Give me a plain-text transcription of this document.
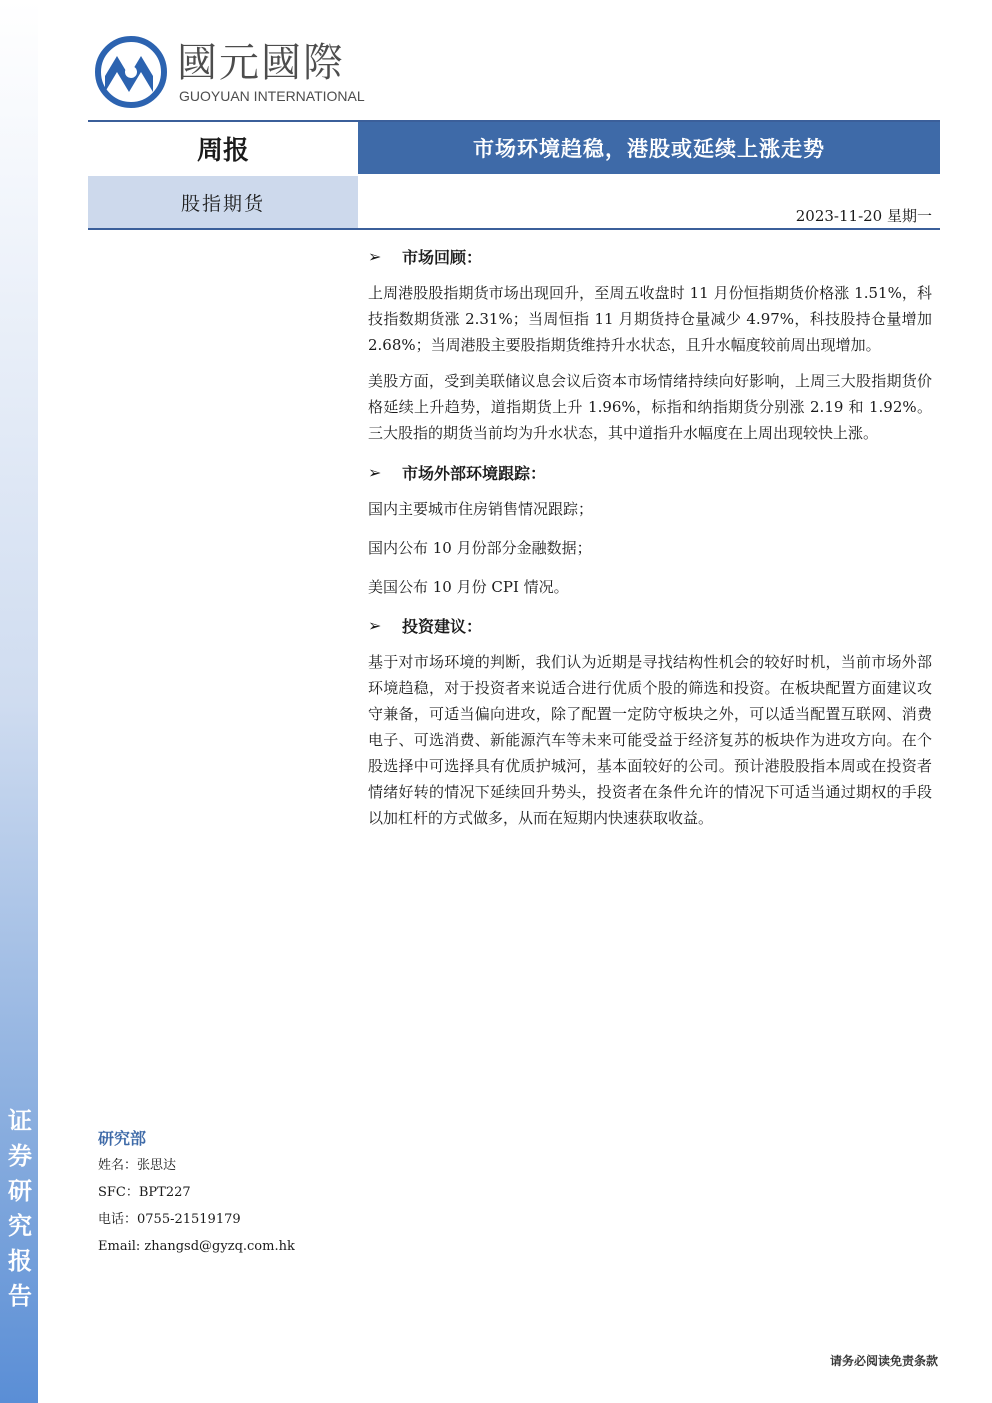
证
券
研
究
报
告
國元國際
GUOYUAN INTERNATIONAL
周报	市场环境趋稳，港股或延续上涨走势
股指期货
2023-11-20 星期一
➢	市场回顾：

上周港股股指期货市场出现回升，至周五收盘时 11 月份恒指期货价格涨 1.51%，科技指数期货涨 2.31%；当周恒指 11 月期货持仓量减少 4.97%，科技股持仓量增加 2.68%；当周港股主要股指期货维持升水状态，且升水幅度较前周出现增加。

美股方面，受到美联储议息会议后资本市场情绪持续向好影响，上周三大股指期货价格延续上升趋势，道指期货上升 1.96%，标指和纳指期货分别涨 2.19 和 1.92%。三大股指的期货当前均为升水状态，其中道指升水幅度在上周出现较快上涨。

➢	市场外部环境跟踪：
国内主要城市住房销售情况跟踪；
国内公布 10 月份部分金融数据；
美国公布 10 月份 CPI 情况。
➢	投资建议：

基于对市场环境的判断，我们认为近期是寻找结构性机会的较好时机，当前市场外部环境趋稳，对于投资者来说适合进行优质个股的筛选和投资。在板块配置方面建议攻守兼备，可适当偏向进攻，除了配置一定防守板块之外，可以适当配置互联网、消费电子、可选消费、新能源汽车等未来可能受益于经济复苏的板块作为进攻方向。在个股选择中可选择具有优质护城河，基本面较好的公司。预计港股股指本周或在投资者情绪好转的情况下延续回升势头，投资者在条件允许的情况下可适当通过期权的手段以加杠杆的方式做多，从而在短期内快速获取收益。

研究部
姓名：张思达
SFC：BPT227
电话：0755-21519179
Email: zhangsd@gyzq.com.hk
请务必阅读免责条款
